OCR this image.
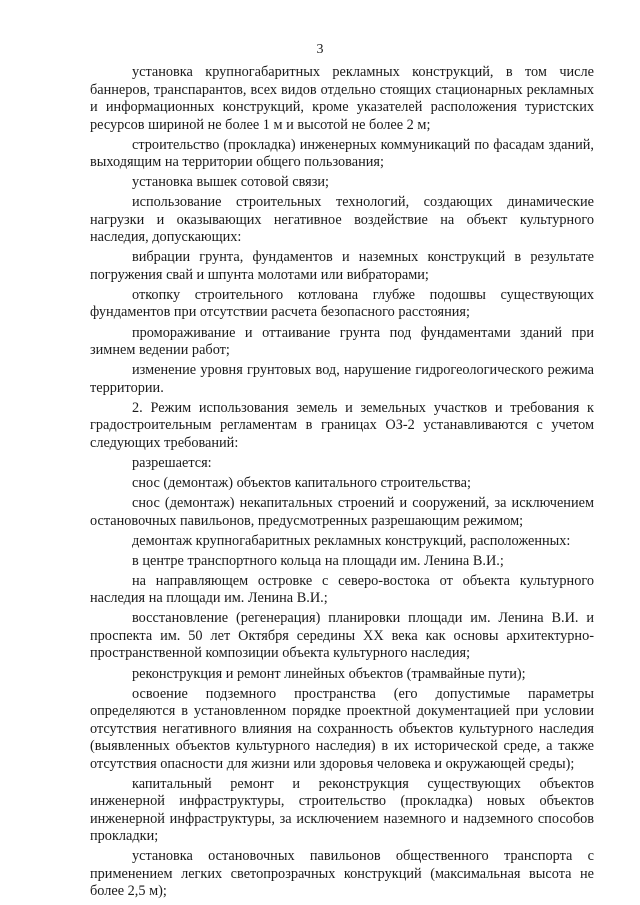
3

установка крупногабаритных рекламных конструкций, в том числе баннеров, транспарантов, всех видов отдельно стоящих стационарных рекламных и информационных конструкций, кроме указателей расположения туристских ресурсов шириной не более 1 м и высотой не более 2 м;

строительство (прокладка) инженерных коммуникаций по фасадам зданий, выходящим на территории общего пользования;

установка вышек сотовой связи;

использование строительных технологий, создающих динамические нагрузки и оказывающих негативное воздействие на объект культурного наследия, допускающих:

вибрации грунта, фундаментов и наземных конструкций в результате погружения свай и шпунта молотами или вибраторами;

откопку строительного котлована глубже подошвы существующих фундаментов при отсутствии расчета безопасного расстояния;

промораживание и оттаивание грунта под фундаментами зданий при зимнем ведении работ;

изменение уровня грунтовых вод, нарушение гидрогеологического режима территории.

2. Режим использования земель и земельных участков и требования к градостроительным регламентам в границах ОЗ-2 устанавливаются с учетом следующих требований:

разрешается:

снос (демонтаж) объектов капитального строительства;

снос (демонтаж) некапитальных строений и сооружений, за исключением остановочных павильонов, предусмотренных разрешающим режимом;

демонтаж крупногабаритных рекламных конструкций, расположенных:

в центре транспортного кольца на площади им. Ленина В.И.;

на направляющем островке с северо-востока от объекта культурного наследия на площади им. Ленина В.И.;

восстановление (регенерация) планировки площади им. Ленина В.И. и проспекта им. 50 лет Октября середины XX века как основы архитектурно-пространственной композиции объекта культурного наследия;

реконструкция и ремонт линейных объектов (трамвайные пути);

освоение подземного пространства (его допустимые параметры определяются в установленном порядке проектной документацией при условии отсутствия негативного влияния на сохранность объектов культурного наследия (выявленных объектов культурного наследия) в их исторической среде, а также отсутствия опасности для жизни или здоровья человека и окружающей среды);

капитальный ремонт и реконструкция существующих объектов инженерной инфраструктуры, строительство (прокладка) новых объектов инженерной инфраструктуры, за исключением наземного и надземного способов прокладки;

установка остановочных павильонов общественного транспорта с применением легких светопрозрачных конструкций (максимальная высота не более 2,5 м);
